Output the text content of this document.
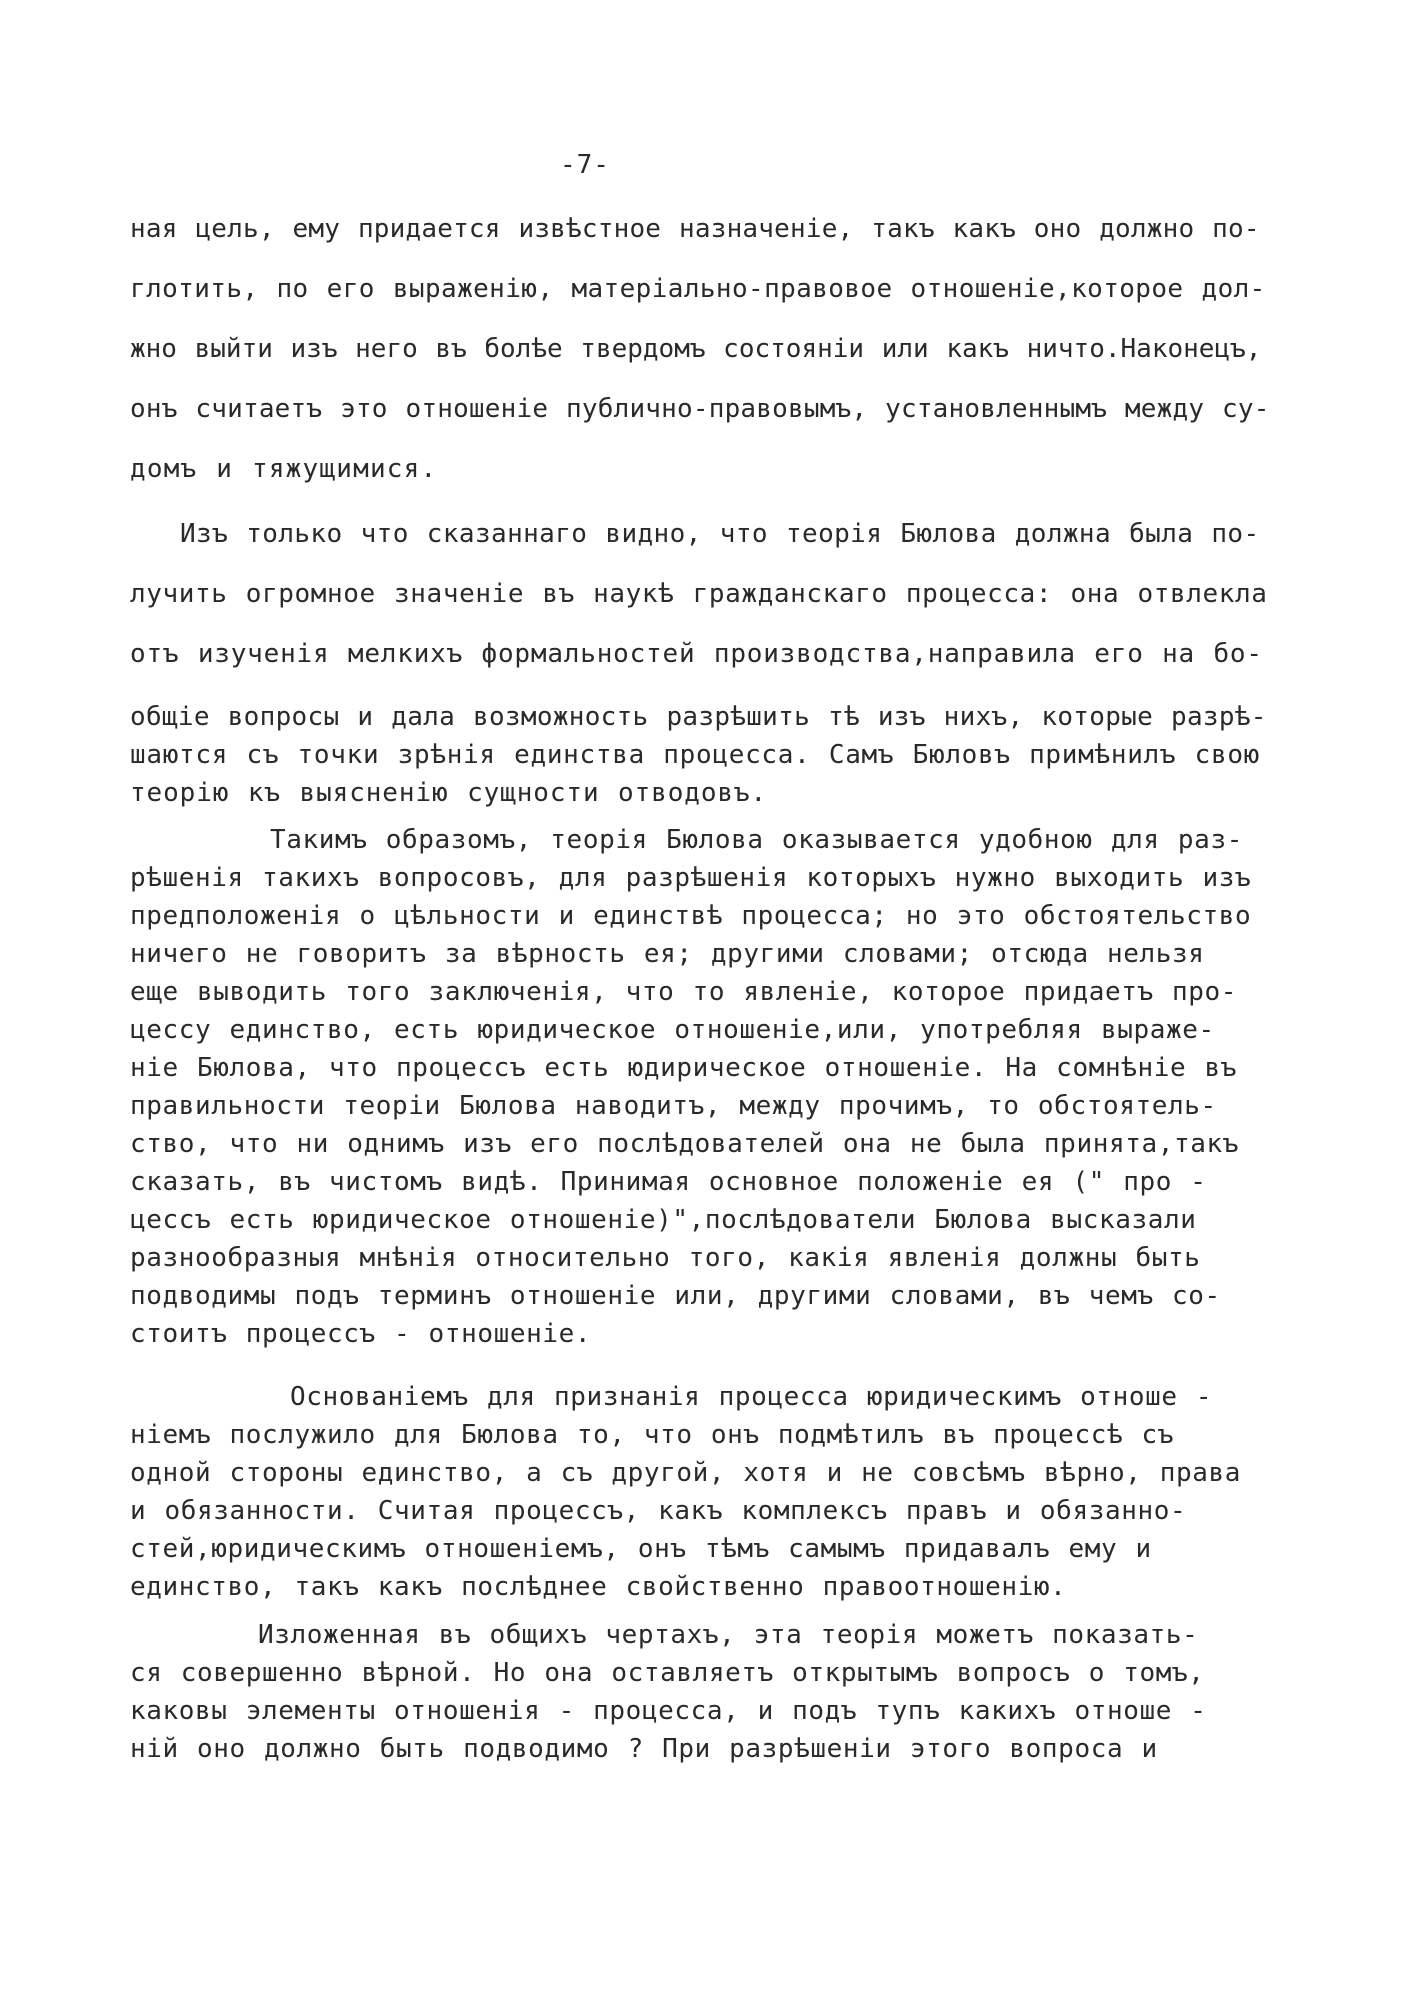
-7-
ная цель, ему придается извѣстное назначеніе, такъ какъ оно должно по-
глотить, по его выраженію, матеріально-правовое отношеніе,которое дол-
жно выйти изъ него въ болѣе твердомъ состояніи или какъ ничто.Наконецъ,
онъ считаетъ это отношеніе публично-правовымъ, установленнымъ между су-
домъ и тяжущимися.
Изъ только что сказаннаго видно, что теорія Бюлова должна была по-
лучить огромное значеніе въ наукѣ гражданскаго процесса: она отвлекла
отъ изученія мелкихъ формальностей производства,направила его на бо-
общіе вопросы и дала возможность разрѣшить тѣ изъ нихъ, которые разрѣ-
шаются съ точки зрѣнія единства процесса. Самъ Бюловъ примѣнилъ свою
теорію къ выясненію сущности отводовъ.
Такимъ образомъ, теорія Бюлова оказывается удобною для раз-
рѣшенія такихъ вопросовъ, для разрѣшенія которыхъ нужно выходить изъ
предположенія о цѣльности и единствѣ процесса; но это обстоятельство
ничего не говоритъ за вѣрность ея; другими словами; отсюда нельзя
еще выводить того заключенія, что то явленіе, которое придаетъ про-
цессу единство, есть юридическое отношеніе,или, употребляя выраже-
ніе Бюлова, что процессъ есть юдирическое отношеніе. На сомнѣніе въ
правильности теоріи Бюлова наводитъ, между прочимъ, то обстоятель-
ство, что ни однимъ изъ его послѣдователей она не была принята,такъ
сказать, въ чистомъ видѣ. Принимая основное положеніе ея (" про -
цессъ есть юридическое отношеніе)",послѣдователи Бюлова высказали
разнообразныя мнѣнія относительно того, какія явленія должны быть
подводимы подъ терминъ отношеніе или, другими словами, въ чемъ со-
стоитъ процессъ - отношеніе.
Основаніемъ для признанія процесса юридическимъ отноше -
ніемъ послужило для Бюлова то, что онъ подмѣтилъ въ процессѣ съ
одной стороны единство, а съ другой, хотя и не совсѣмъ вѣрно, права
и обязанности. Считая процессъ, какъ комплексъ правъ и обязанно-
стей,юридическимъ отношеніемъ, онъ тѣмъ самымъ придавалъ ему и
единство, такъ какъ послѣднее свойственно правоотношенію.
Изложенная въ общихъ чертахъ, эта теорія можетъ показать-
ся совершенно вѣрной. Но она оставляетъ открытымъ вопросъ о томъ,
каковы элементы отношенія - процесса, и подъ тупъ какихъ отноше -
ній оно должно быть подводимо ? При разрѣшеніи этого вопроса и
